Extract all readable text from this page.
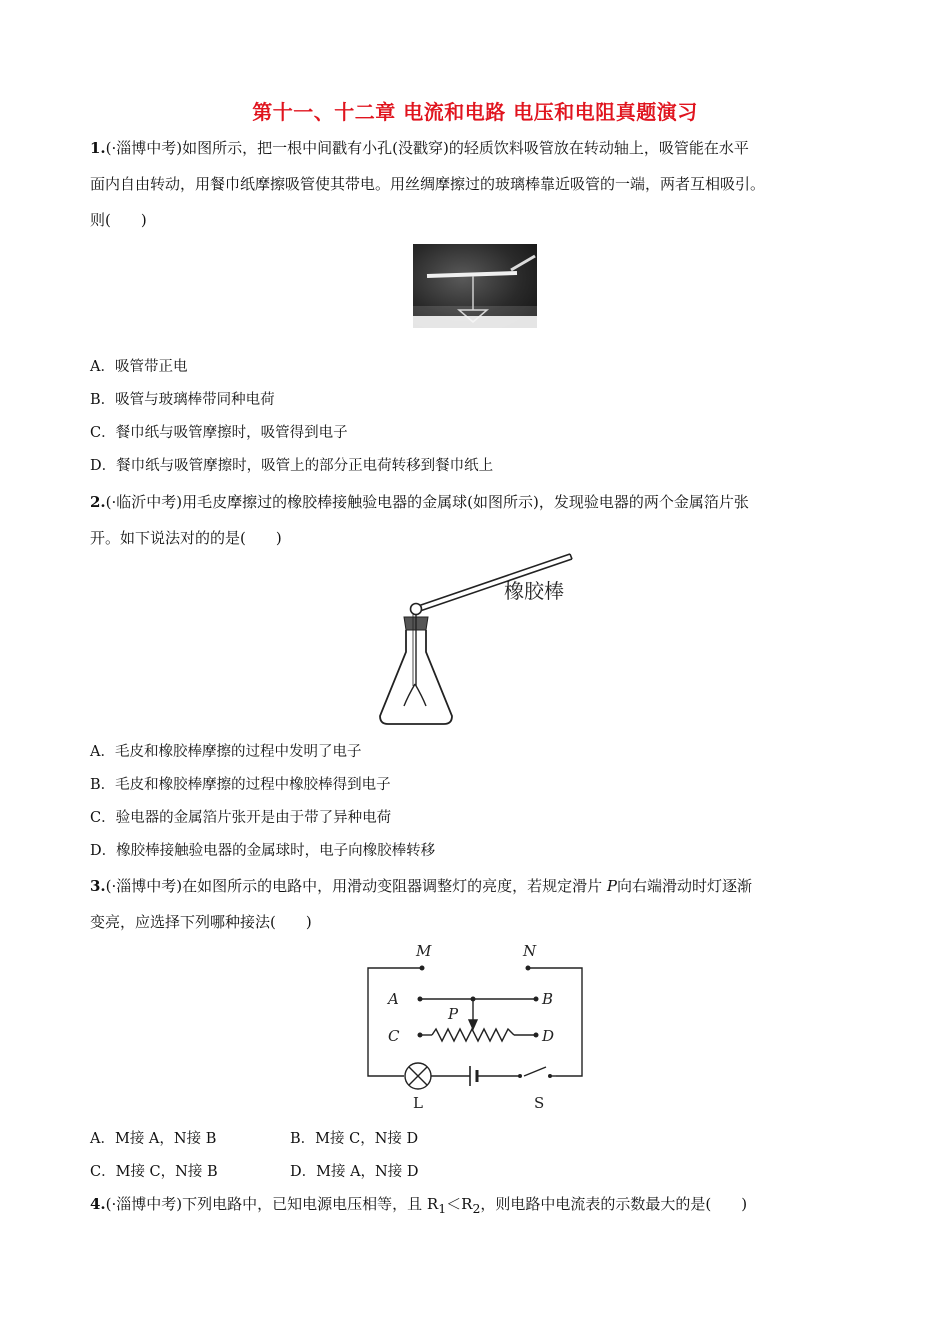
第十一、十二章 电流和电路 电压和电阻真题演习
1.(·淄博中考)如图所示，把一根中间戳有小孔(没戳穿)的轻质饮料吸管放在转动轴上，吸管能在水平
面内自由转动，用餐巾纸摩擦吸管使其带电。用丝绸摩擦过的玻璃棒靠近吸管的一端，两者互相吸引。
则(　　)
A．吸管带正电
B．吸管与玻璃棒带同种电荷
C．餐巾纸与吸管摩擦时，吸管得到电子
D．餐巾纸与吸管摩擦时，吸管上的部分正电荷转移到餐巾纸上
2.(·临沂中考)用毛皮摩擦过的橡胶棒接触验电器的金属球(如图所示)，发现验电器的两个金属箔片张
开。如下说法对的的是(　　)
橡胶棒
A．毛皮和橡胶棒摩擦的过程中发明了电子
B．毛皮和橡胶棒摩擦的过程中橡胶棒得到电子
C．验电器的金属箔片张开是由于带了异种电荷
D．橡胶棒接触验电器的金属球时，电子向橡胶棒转移
3.(·淄博中考)在如图所示的电路中，用滑动变阻器调整灯的亮度，若规定滑片 P向右端滑动时灯逐渐
变亮，应选择下列哪种接法(　　)
M	N
A	B
P
C	D
L	S
A．M接 A，N接 B	B．M接 C，N接 D
C．M接 C，N接 B	D．M接 A，N接 D
4.(·淄博中考)下列电路中，已知电源电压相等，且 $R_1<R_2$，则电路中电流表的示数最大的是(　　)
